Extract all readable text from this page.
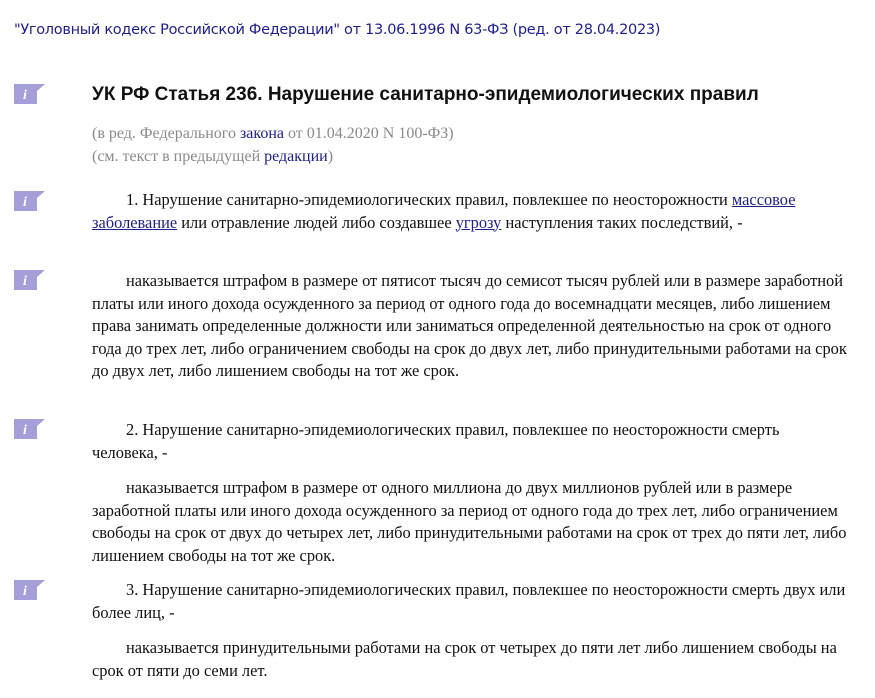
"Уголовный кодекс Российской Федерации" от 13.06.1996 N 63-ФЗ (ред. от 28.04.2023)
i	УК РФ Статья 236. Нарушение санитарно-эпидемиологических правил
(в ред. Федерального закона от 01.04.2020 N 100-ФЗ)
(см. текст в предыдущей редакции)
i	1. Нарушение санитарно-эпидемиологических правил, повлекшее по неосторожности массовое заболевание или отравление людей либо создавшее угрозу наступления таких последствий, -

i	наказывается штрафом в размере от пятисот тысяч до семисот тысяч рублей или в размере заработной платы или иного дохода осужденного за период от одного года до восемнадцати месяцев, либо лишением права занимать определенные должности или заниматься определенной деятельностью на срок от одного года до трех лет, либо ограничением свободы на срок до двух лет, либо принудительными работами на срок до двух лет, либо лишением свободы на тот же срок.

i	2. Нарушение санитарно-эпидемиологических правил, повлекшее по неосторожности смерть человека, -

наказывается штрафом в размере от одного миллиона до двух миллионов рублей или в размере заработной платы или иного дохода осужденного за период от одного года до трех лет, либо ограничением свободы на срок от двух до четырех лет, либо принудительными работами на срок от трех до пяти лет, либо лишением свободы на тот же срок.

i	3. Нарушение санитарно-эпидемиологических правил, повлекшее по неосторожности смерть двух или более лиц, -

наказывается принудительными работами на срок от четырех до пяти лет либо лишением свободы на срок от пяти до семи лет.
